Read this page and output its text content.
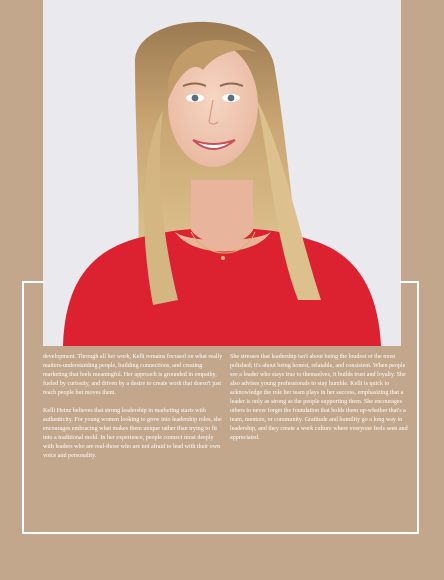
development. Through all her work, Kelli remains focused on what really matters-understanding people, building connections, and creating marketing that feels meaningful. Her approach is grounded in empathy, fueled by curiosity, and driven by a desire to create work that doesn't just reach people but moves them.

Kelli Heinz believes that strong leadership in marketing starts with authenticity. For young women looking to grow into leadership roles, she encourages embracing what makes them unique rather than trying to fit into a traditional mold. In her experience, people connect most deeply with leaders who are real-those who are not afraid to lead with their own voice and personality.

She stresses that leadership isn't about being the loudest or the most polished; it's about being honest, relatable, and consistent. When people see a leader who stays true to themselves, it builds trust and loyalty. She also advises young professionals to stay humble. Kelli is quick to acknowledge the role her team plays in her success, emphasizing that a leader is only as strong as the people supporting them. She encourages others to never forget the foundation that holds them up-whether that's a team, mentors, or community. Gratitude and humility go a long way in leadership, and they create a work culture where everyone feels seen and appreciated.
